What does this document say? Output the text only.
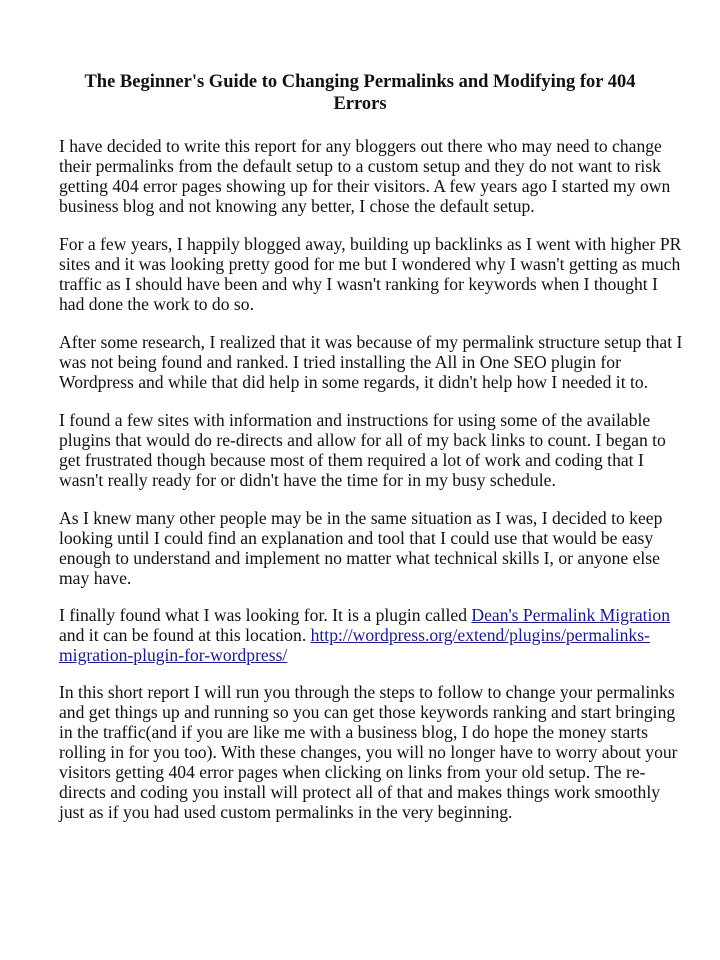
The Beginner's Guide to Changing Permalinks and Modifying for 404
Errors

I have decided to write this report for any bloggers out there who may need to change
their permalinks from the default setup to a custom setup and they do not want to risk
getting 404 error pages showing up for their visitors. A few years ago I started my own
business blog and not knowing any better, I chose the default setup.

For a few years, I happily blogged away, building up backlinks as I went with higher PR
sites and it was looking pretty good for me but I wondered why I wasn't getting as much
traffic as I should have been and why I wasn't ranking for keywords when I thought I
had done the work to do so.

After some research, I realized that it was because of my permalink structure setup that I
was not being found and ranked. I tried installing the All in One SEO plugin for
Wordpress and while that did help in some regards, it didn't help how I needed it to.

I found a few sites with information and instructions for using some of the available
plugins that would do re-directs and allow for all of my back links to count. I began to
get frustrated though because most of them required a lot of work and coding that I
wasn't really ready for or didn't have the time for in my busy schedule.

As I knew many other people may be in the same situation as I was, I decided to keep
looking until I could find an explanation and tool that I could use that would be easy
enough to understand and implement no matter what technical skills I, or anyone else
may have.

I finally found what I was looking for. It is a plugin called Dean's Permalink Migration
and it can be found at this location. http://wordpress.org/extend/plugins/permalinks-
migration-plugin-for-wordpress/

In this short report I will run you through the steps to follow to change your permalinks
and get things up and running so you can get those keywords ranking and start bringing
in the traffic(and if you are like me with a business blog, I do hope the money starts
rolling in for you too). With these changes, you will no longer have to worry about your
visitors getting 404 error pages when clicking on links from your old setup. The re-
directs and coding you install will protect all of that and makes things work smoothly
just as if you had used custom permalinks in the very beginning.
